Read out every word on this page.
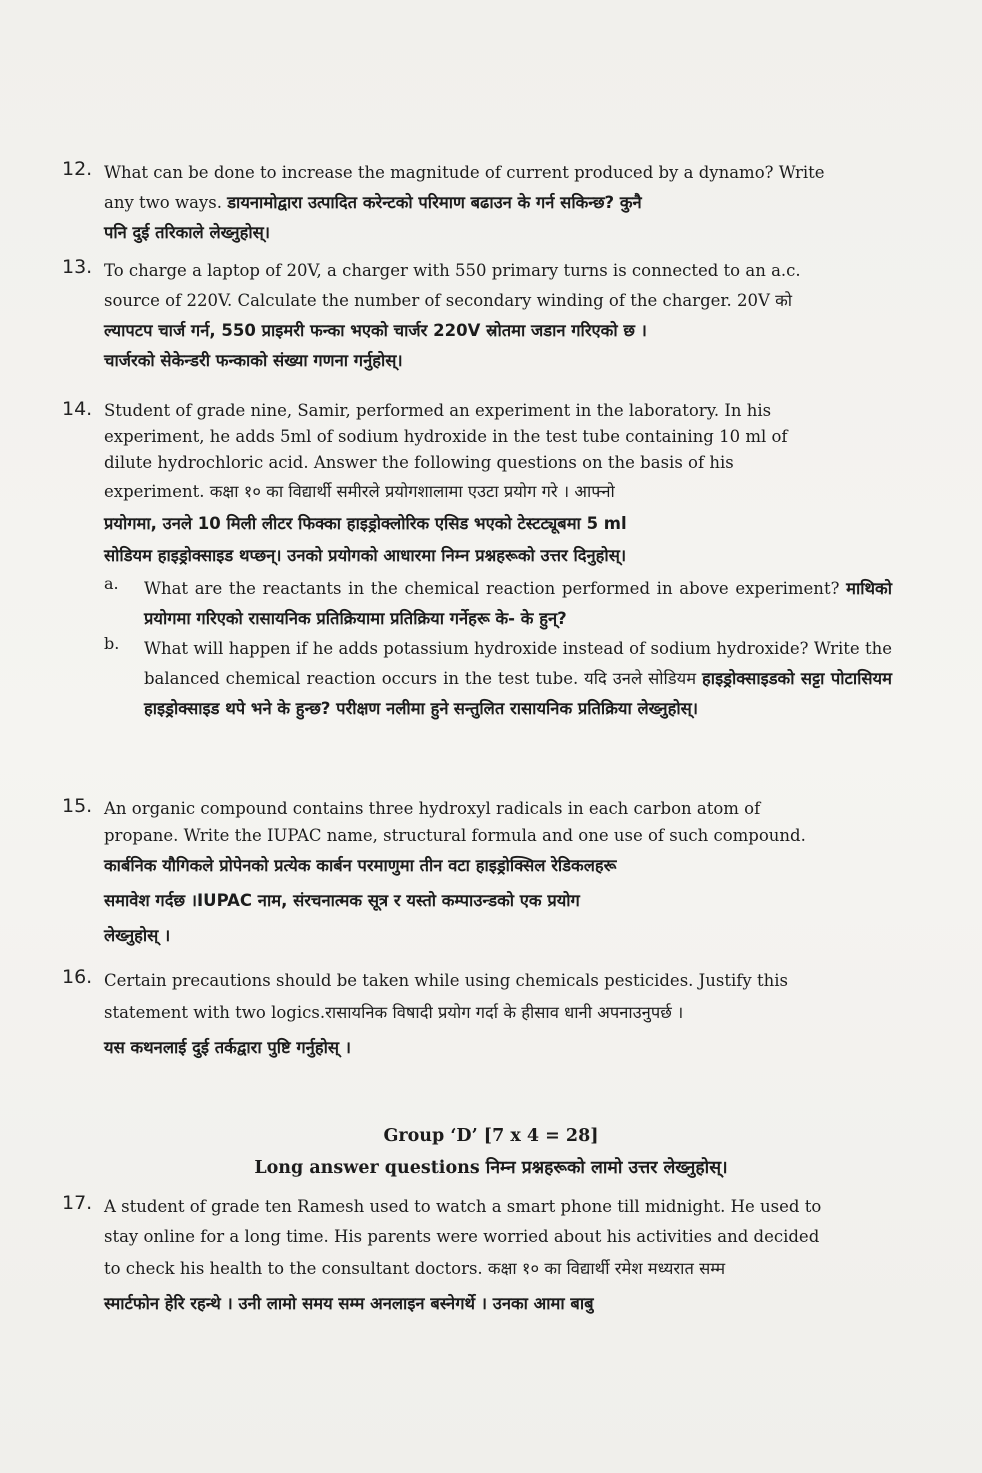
12. What can be done to increase the magnitude of current produced by a dynamo? Write
any two ways. डायनामोद्वारा उत्पादित करेन्टको परिमाण बढाउन के गर्न सकिन्छ? कुनै
पनि दुई तरिकाले लेख्नुहोस्।
13. To charge a laptop of 20V, a charger with 550 primary turns is connected to an a.c.
source of 220V. Calculate the number of secondary winding of the charger. 20V को
ल्यापटप चार्ज गर्न, 550 प्राइमरी फन्का भएको चार्जर 220V स्रोतमा जडान गरिएको छ ।
चार्जरको सेकेन्डरी फन्काको संख्या गणना गर्नुहोस्।
14. Student of grade nine, Samir, performed an experiment in the laboratory. In his
experiment, he adds 5ml of sodium hydroxide in the test tube containing 10 ml of
dilute hydrochloric acid. Answer the following questions on the basis of his
experiment. कक्षा १० का विद्यार्थी समीरले प्रयोगशालामा एउटा प्रयोग गरे । आफ्नो
प्रयोगमा, उनले 10 मिली लीटर फिक्का हाइड्रोक्लोरिक एसिड भएको टेस्टट्यूबमा 5 ml
सोडियम हाइड्रोक्साइड थप्छन्। उनको प्रयोगको आधारमा निम्न प्रश्नहरूको उत्तर दिनुहोस्।
a. What are the reactants in the chemical reaction performed in above experiment? माथिको प्रयोगमा गरिएको रासायनिक प्रतिक्रियामा प्रतिक्रिया गर्नेहरू के- के हुन्?
b. What will happen if he adds potassium hydroxide instead of sodium hydroxide? Write the balanced chemical reaction occurs in the test tube. यदि उनले सोडियम हाइड्रोक्साइडको सट्टा पोटासियम हाइड्रोक्साइड थपे भने के हुन्छ? परीक्षण नलीमा हुने सन्तुलित रासायनिक प्रतिक्रिया लेख्नुहोस्।
15. An organic compound contains three hydroxyl radicals in each carbon atom of
propane. Write the IUPAC name, structural formula and one use of such compound.
कार्बनिक यौगिकले प्रोपेनको प्रत्येक कार्बन परमाणुमा तीन वटा हाइड्रोक्सिल रेडिकलहरू
समावेश गर्दछ ।IUPAC नाम, संरचनात्मक सूत्र र यस्तो कम्पाउन्डको एक प्रयोग
लेख्नुहोस् ।
16. Certain precautions should be taken while using chemicals pesticides. Justify this
statement with two logics.रासायनिक विषादी प्रयोग गर्दा के हीसाव धानी अपनाउनुपर्छ ।
यस कथनलाई दुई तर्कद्वारा पुष्टि गर्नुहोस् ।
Group ‘D’ [7 x 4 = 28]
Long answer questions निम्न प्रश्नहरूको लामो उत्तर लेख्नुहोस्।
17. A student of grade ten Ramesh used to watch a smart phone till midnight. He used to
stay online for a long time. His parents were worried about his activities and decided
to check his health to the consultant doctors. कक्षा १० का विद्यार्थी रमेश मध्यरात सम्म
स्मार्टफोन हेरि रहन्थे । उनी लामो समय सम्म अनलाइन बस्नेगर्थे । उनका आमा बाबु
